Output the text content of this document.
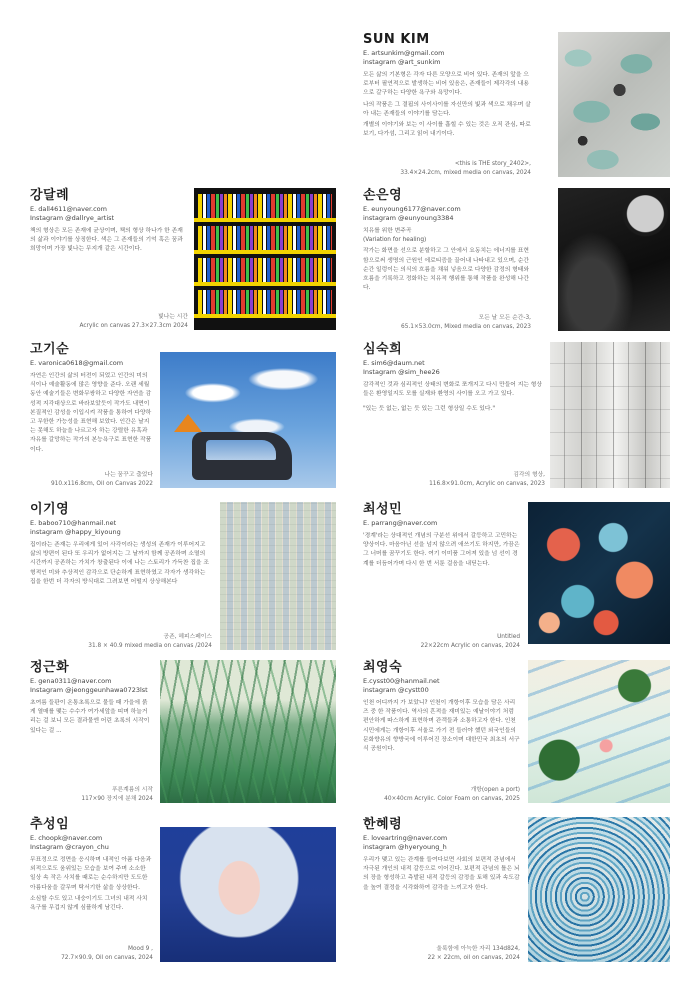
SUN KIM
E. artsunkim@gmail.com
instagram @art_sunkim

모든 삶의 기본형은 각자 다른 모양으로 비어 있다. 존재의 앞을 으로부터 필연적으로 발생하는 비어 있음은, 존재들이 제각각의 내용으로 갈구하는 다양한 욕구와 욕망이다.

나의 작품은 그 결핍의 사이사이를 자신만의 빛과 색으로 채우며 살아 내는 존재들의 이야기를 담는다.

개별의 이야기와 보는 이 사이를 흡힐 수 있는 것은 오직 관심, 따로 보기, 다가섬, 그리고 읽어 내기이다.

<this is THE story_2402>,
33.4×24.2cm, mixed media on canvas, 2024
강달례
E. dall4611@naver.com
Instagram @dallrye_artist

책의 형상은 모든 존재에 균상이며, 책의 형상 하나가 한 존재의 삶과 이야기를 상징한다. 색은 그 존재들의 기억 혹은 꿈과 희망이며 가장 빛나는 무지개 같은 시간이다.

빛나는 시간
Acrylic on canvas 27.3×27.3cm 2024
손은영
E. eunyoung6177@naver.com
instagram @eunyoung3384

치유를 위한 변주곡

(Variation for healing)

작가는 화면을 선으로 분할하고 그 안에서 요동치는 에너지를 표현함으로써 생명의 근원인 에로티즘을 끌어내 나타내고 있으며, 순간순간 일렁이는 의식의 흐름을 채워 넣음으로 다양한 감정의 형태와 흐름을 기록하고 정화하는 치유적 행위를 통해 작품을 완성해 나간다.

모든 날 모든 순간-3,
65.1×53.0cm, Mixed media on canvas, 2023
고기순
E. varonica0618@gmail.com

자연은 인간의 삶의 터전이 되었고 인간의 미의식이나 예술활동에 많은 영향을 준다. 오랜 세월동안 예술기들은 변화무쌍하고 다양한 자연을 감성적 지각대상으로 바라보았듯이 작가도 내면이 본질적인 감성을 이입시켜 작품을 통하여 다양하고 무한한 가능성을 표현해 보았다. 인간은 날지는 못해도 하늘을 나르고자 하는 강렬한 유혹과 자유를 갈망하는 작가의 본능욕구로 표현한 작품이다.

나는 꿈꾸고 춤었다
910.x116.8cm, Oil on Canvas 2022
심숙희
E. sim6@daum.net
Instagram @sim_hee26

감각적인 것과 심리적인 상태의 변화로 쪼개지고 다시 만들어 지는 형상들은 환영일지도 모를 실재와 환영의 사이를 오고 가고 있다.

"있는 듯 없는, 없는 듯 있는 그런 형상일 수도 있다."

김각의 형상,
116.8×91.0cm, Acrylic on canvas, 2023
이기영
E. baboo710@hanmail.net
instagram @happy_kiyoung

집이라는 존재는 우리에게 있어 사각이라는 생성의 존재가 이루어지고 삶의 방편이 된다 또 우리가 없어지는 그 날까지 함께 공존하며 소멸의 시간까지 공존하는 가치가 창출된다 이에 나는 스토리가 가득찬 집을 조형적인 미와 추상적인 감각으로 단순하게 표현하였고 각자가 생각하는 집을 한번 더 각자의 방식대로 그려보면 어떨지 상상해본다

공존, 헤피스페이스
31.8 × 40.9 mixed media on canvas /2024
최성민
E. parrang@naver.com

'경계'라는 상대적인 개념의 구분선 위에서 갈등하고 고민하는 양상이다. 마음아닌 선을 넘지 않으려 애쓰기도 하지만, 가끔은 그 너머를 꿈꾸기도 한다. 여기 이미품 그어져 있을 넘 선이 경계를 더듬어가며 다시 한 번 서툰 걸음을 내딛는다.

Untitled
22×22cm Acrylic on canvas, 2024
정근화
E. gena0311@naver.com
Instagram @jeonggeunhawa0723lst

초여름 들판이 온통초록으로 물들 때 가을에 붉게 열매를 맺는 수수가 여가세앞을 띠며 하늘거리는 걸 보니 모든 결과물엔 어린 초록의 시작이 있다는 걸 ...

푸른계름의 시작
117×90 장지에 분채 2024
최영숙
E.cysst00@hanmail.net
instagram @cystt00

인천 어디까지 가 보았니? 인천이 개항이후 모습을 담은 사리즈 중 한 작품이다. 역사의 흔적을 재미있는 예날이야기 처럼 편안하게 따스하게 표현하며 관객들과 소통하고자 한다. 인천시민에게는 개항이후 서울로 가기 전 들러야 했던 외국인들의 문화향유의 향방국에 이루어진 장소이며 대한민국 최초의 서구식 공원이다.

개항(open a port)
40×40cm Acrylic. Color Foam on canvas, 2025
추성임
E. choopk@naver.com
Instagram @crayon_chu

무표정으로 정면을 응시하며 내적인 아픔 다음과 외적으로도 움위있는 모습을 보여 주며 소소한 일상 속 작은 사치를 때로는 순수하지만 도도한 아름다움을 갈무며 탁서기한 삶을 상상한다.

소심할 수도 있고 내숭이기도 그녀의 내적 사치욕구를 무겁지 않게 심플하게 남긴다.

Mood 9 ,
72.7×90.9, Oil on canvas, 2024
한혜령
E. loveartring@naver.com
instagram @hyeryoung_h

우리가 맺고 있는 관계를 들여다보면 사회의 보편적 관념에서 자극된 개인의 내적 갈등으로 이어진다. 보편적 관념의 틀은 뇌의 장을 형성하고 측발된 내적 갈등의 감정을 토해 있과 속도감을 높여 결정을 시각화하여 감각을 느끼고자 한다.

울룩함에 아늑한 자리 134d824,
22 × 22cm, oil on canvas, 2024
